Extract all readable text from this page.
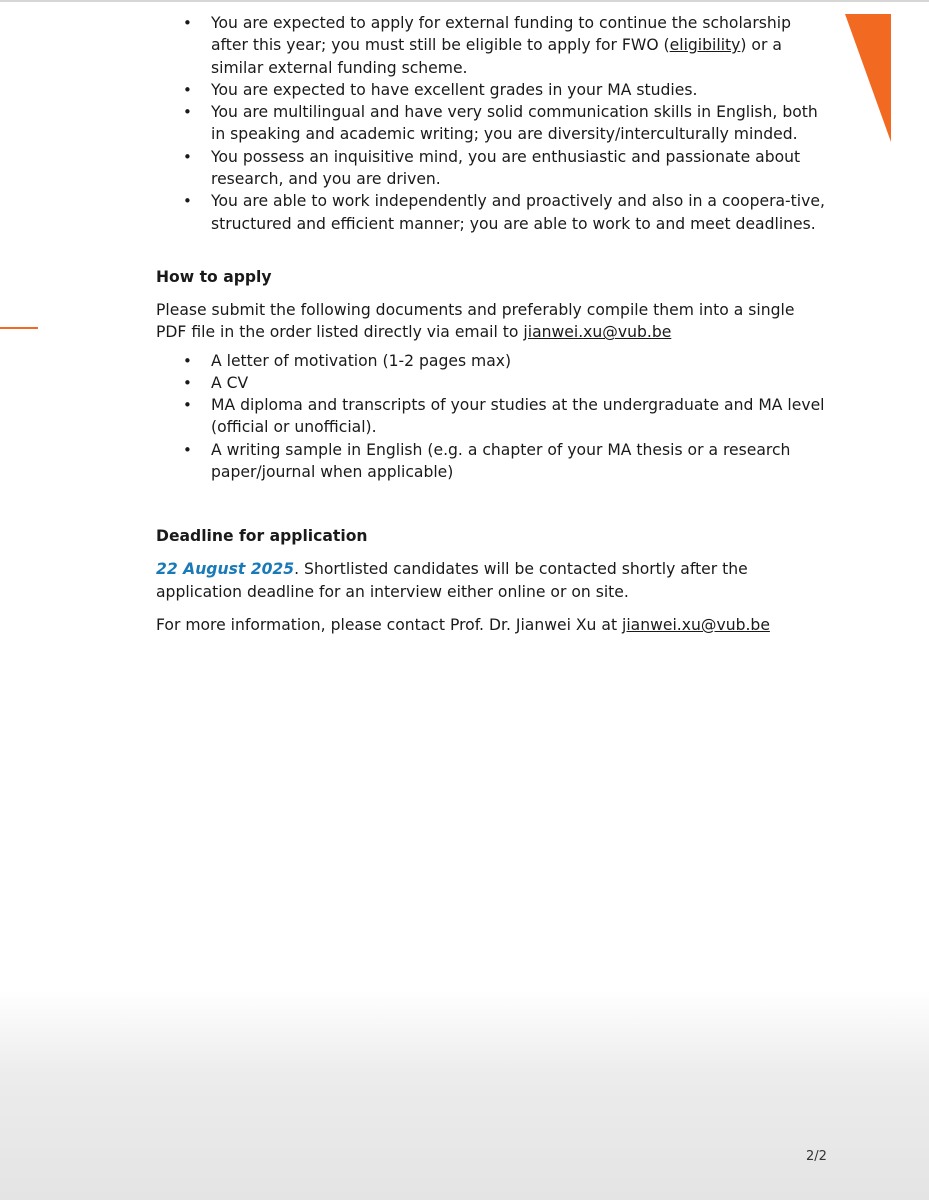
• You are expected to apply for external funding to continue the scholarship after this year; you must still be eligible to apply for FWO (eligibility) or a similar external funding scheme.
• You are expected to have excellent grades in your MA studies.
• You are multilingual and have very solid communication skills in English, both in speaking and academic writing; you are diversity/interculturally minded.
• You possess an inquisitive mind, you are enthusiastic and passionate about research, and you are driven.
• You are able to work independently and proactively and also in a coopera-tive, structured and efficient manner; you are able to work to and meet deadlines.
How to apply

Please submit the following documents and preferably compile them into a single PDF file in the order listed directly via email to jianwei.xu@vub.be

• A letter of motivation (1-2 pages max)
• A CV
• MA diploma and transcripts of your studies at the undergraduate and MA level (official or unofficial).
• A writing sample in English (e.g. a chapter of your MA thesis or a research paper/journal when applicable)
Deadline for application

22 August 2025. Shortlisted candidates will be contacted shortly after the application deadline for an interview either online or on site.

For more information, please contact Prof. Dr. Jianwei Xu at jianwei.xu@vub.be

2/2
